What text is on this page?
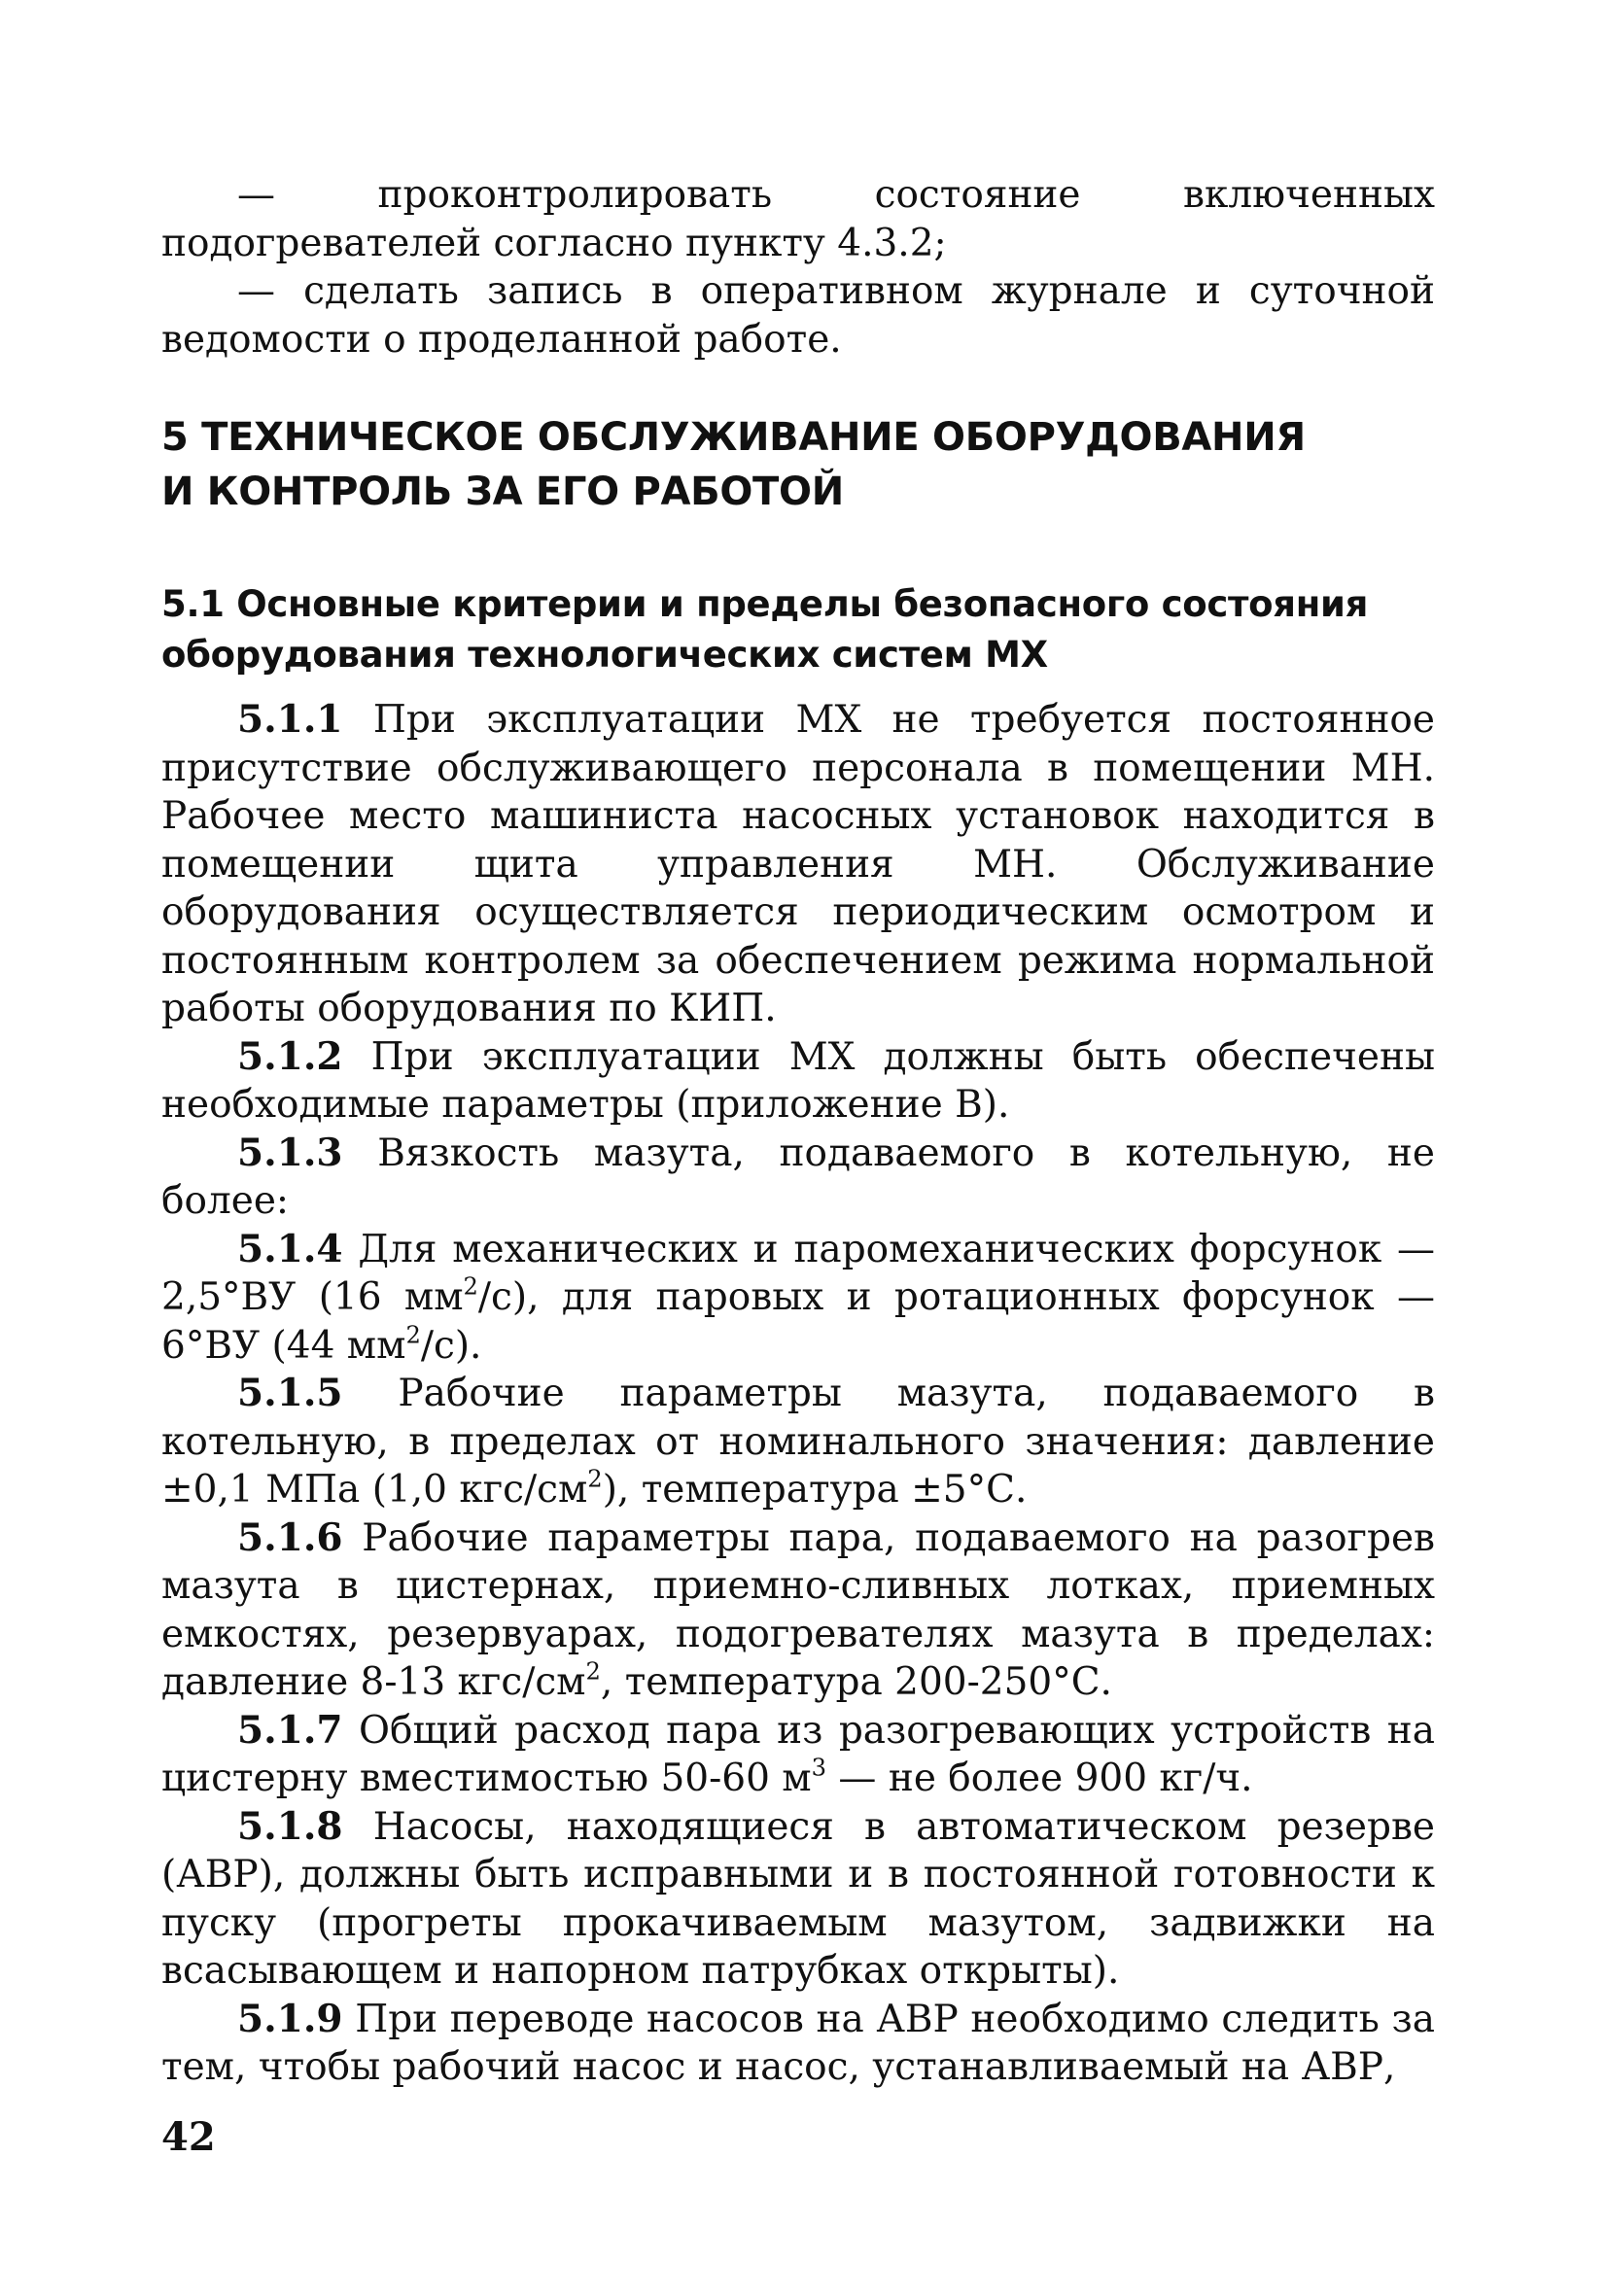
— проконтролировать состояние включенных подогревателей согласно пункту 4.3.2;

— сделать запись в оперативном журнале и суточной ведомости о проделанной работе.

5 ТЕХНИЧЕСКОЕ ОБСЛУЖИВАНИЕ ОБОРУДОВАНИЯ

И КОНТРОЛЬ ЗА ЕГО РАБОТОЙ

5.1 Основные критерии и пределы безопасного состояния

оборудования технологических систем МХ

5.1.1 При эксплуатации МХ не требуется постоянное присутствие обслуживающего персонала в помещении МН. Рабочее место машиниста насосных установок находится в помещении щита управления МН. Обслуживание оборудования осуществляется периодическим осмотром и постоянным контролем за обеспечением режима нормальной работы оборудования по КИП.

5.1.2 При эксплуатации МХ должны быть обеспечены необходимые параметры (приложение В).

5.1.3 Вязкость мазута, подаваемого в котельную, не более:

5.1.4 Для механических и паромеханических форсунок — 2,5°ВУ (16 $мм^2/с$), для паровых и ротационных форсунок — 6°ВУ (44 $мм^2/с$).

5.1.5 Рабочие параметры мазута, подаваемого в котельную, в пределах от номинального значения: давление ±0,1 МПа (1,0 кгс/$см^2$), температура ±5°С.

5.1.6 Рабочие параметры пара, подаваемого на разогрев мазута в цистернах, приемно-сливных лотках, приемных емкостях, резервуарах, подогревателях мазута в пределах: давление 8-13 кгс/$см^2$, температура 200-250°С.

5.1.7 Общий расход пара из разогревающих устройств на цистерну вместимостью 50-60 $м^3$ — не более 900 кг/ч.

5.1.8 Насосы, находящиеся в автоматическом резерве (АВР), должны быть исправными и в постоянной готовности к пуску (прогреты прокачиваемым мазутом, задвижки на всасывающем и напорном патрубках открыты).

5.1.9 При переводе насосов на АВР необходимо следить за тем, чтобы рабочий насос и насос, устанавливаемый на АВР,

42
